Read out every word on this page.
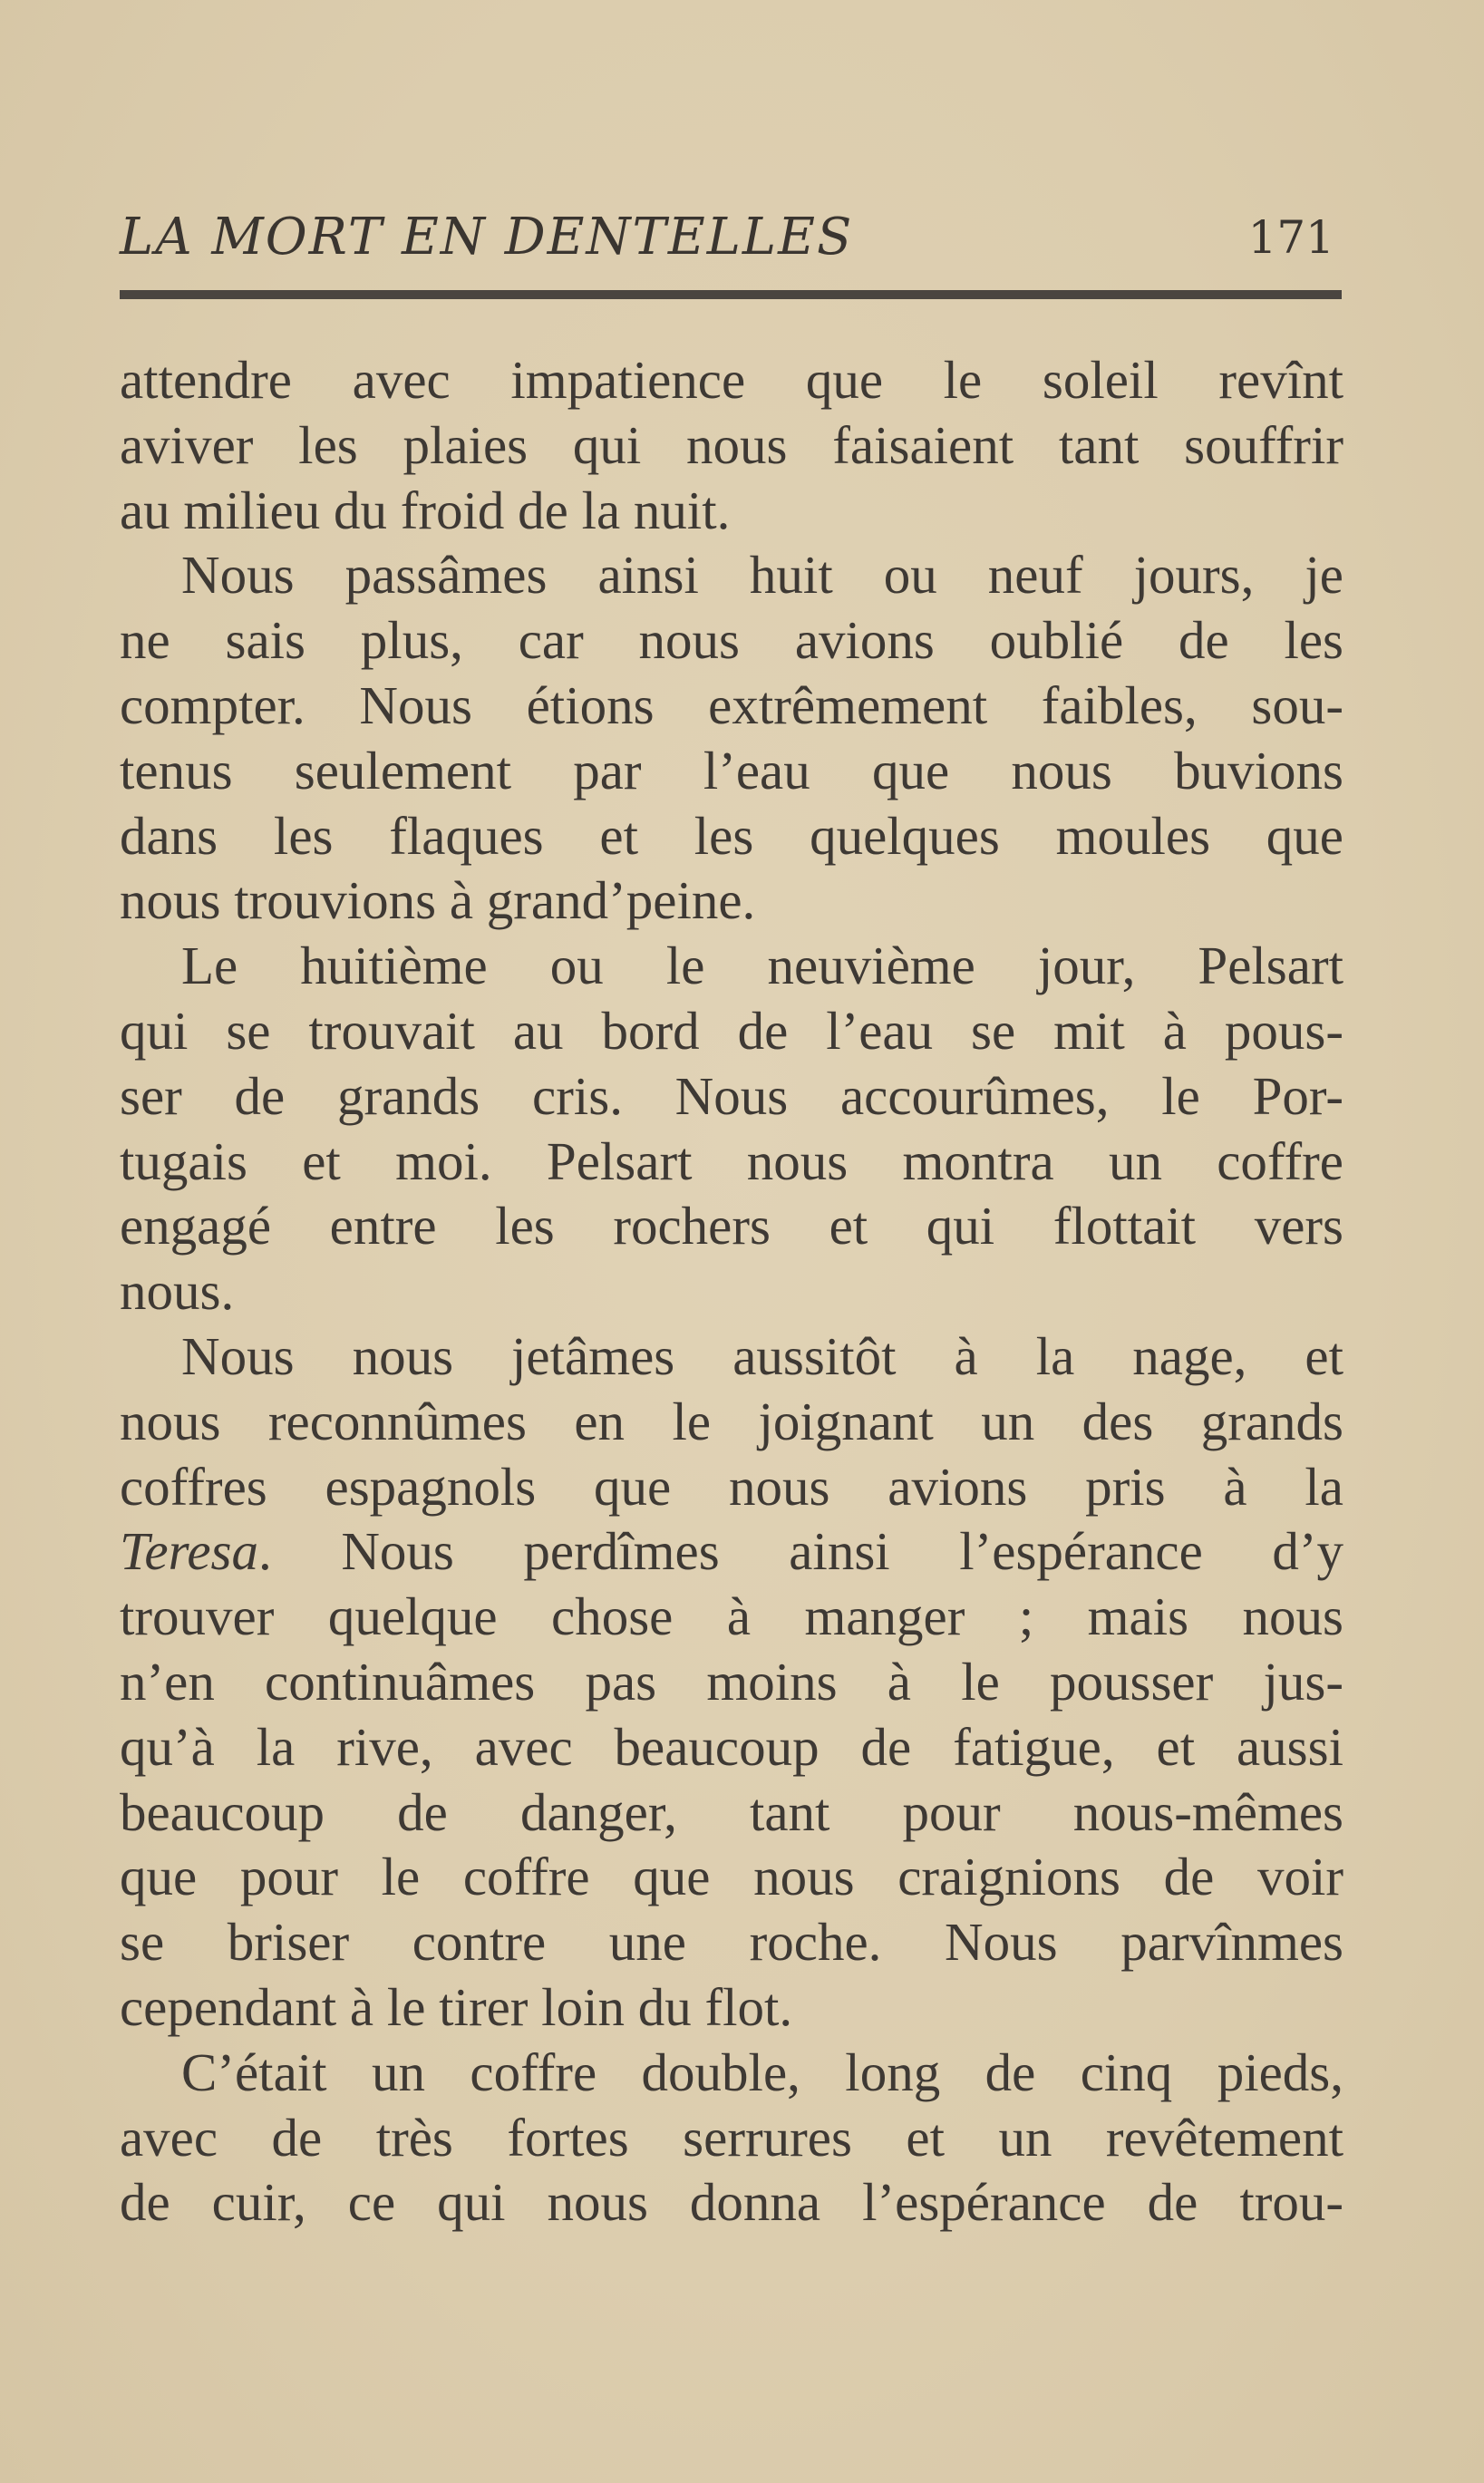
LA MORT EN DENTELLES	171
attendre avec impatience que le soleil revînt
aviver les plaies qui nous faisaient tant souffrir
au milieu du froid de la nuit.
Nous passâmes ainsi huit ou neuf jours, je
ne sais plus, car nous avions oublié de les
compter. Nous étions extrêmement faibles, sou-
tenus seulement par l’eau que nous buvions
dans les flaques et les quelques moules que
nous trouvions à grand’peine.
Le huitième ou le neuvième jour, Pelsart
qui se trouvait au bord de l’eau se mit à pous-
ser de grands cris. Nous accourûmes, le Por-
tugais et moi. Pelsart nous montra un coffre
engagé entre les rochers et qui flottait vers
nous.
Nous nous jetâmes aussitôt à la nage, et
nous reconnûmes en le joignant un des grands
coffres espagnols que nous avions pris à la
Teresa. Nous perdîmes ainsi l’espérance d’y
trouver quelque chose à manger ; mais nous
n’en continuâmes pas moins à le pousser jus-
qu’à la rive, avec beaucoup de fatigue, et aussi
beaucoup de danger, tant pour nous-mêmes
que pour le coffre que nous craignions de voir
se briser contre une roche. Nous parvînmes
cependant à le tirer loin du flot.
C’était un coffre double, long de cinq pieds,
avec de très fortes serrures et un revêtement
de cuir, ce qui nous donna l’espérance de trou-
